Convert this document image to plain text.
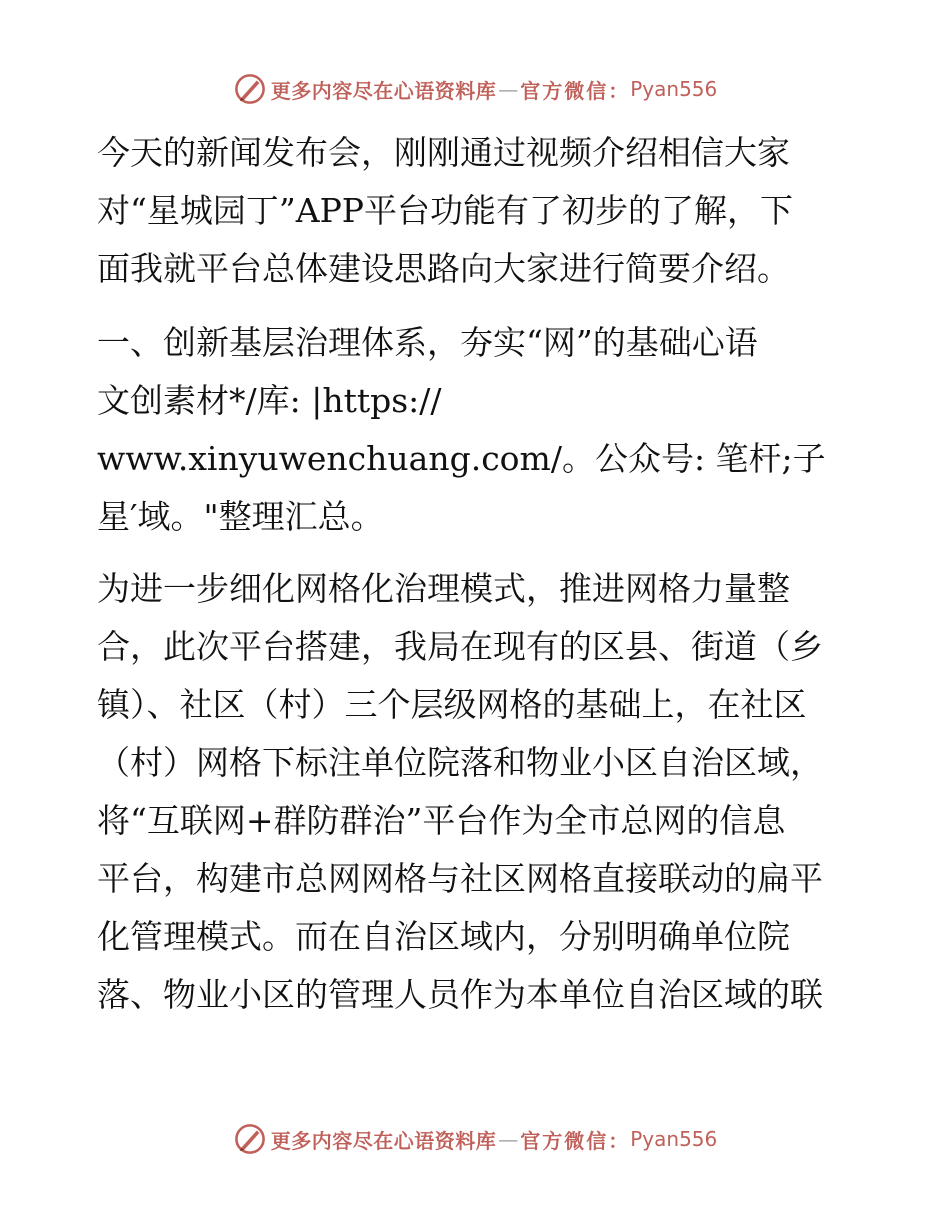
更多内容尽在心语资料库 — 官方微信： Pyan556

今天的新闻发布会，刚刚通过视频介绍相信大家
对“星城园丁”APP平台功能有了初步的了解，下
面我就平台总体建设思路向大家进行简要介绍。

一、创新基层治理体系，夯实“网”的基础心语
文创素材*/库: |https://
www.xinyuwenchuang.com/。公众号: 笔杆;子
星′域。"整理汇总。

为进一步细化网格化治理模式，推进网格力量整
合，此次平台搭建，我局在现有的区县、街道（乡
镇）、社区（村）三个层级网格的基础上，在社区
（村）网格下标注单位院落和物业小区自治区域，
将“互联网+群防群治”平台作为全市总网的信息
平台，构建市总网网格与社区网格直接联动的扁平
化管理模式。而在自治区域内，分别明确单位院
落、物业小区的管理人员作为本单位自治区域的联

更多内容尽在心语资料库 — 官方微信： Pyan556
